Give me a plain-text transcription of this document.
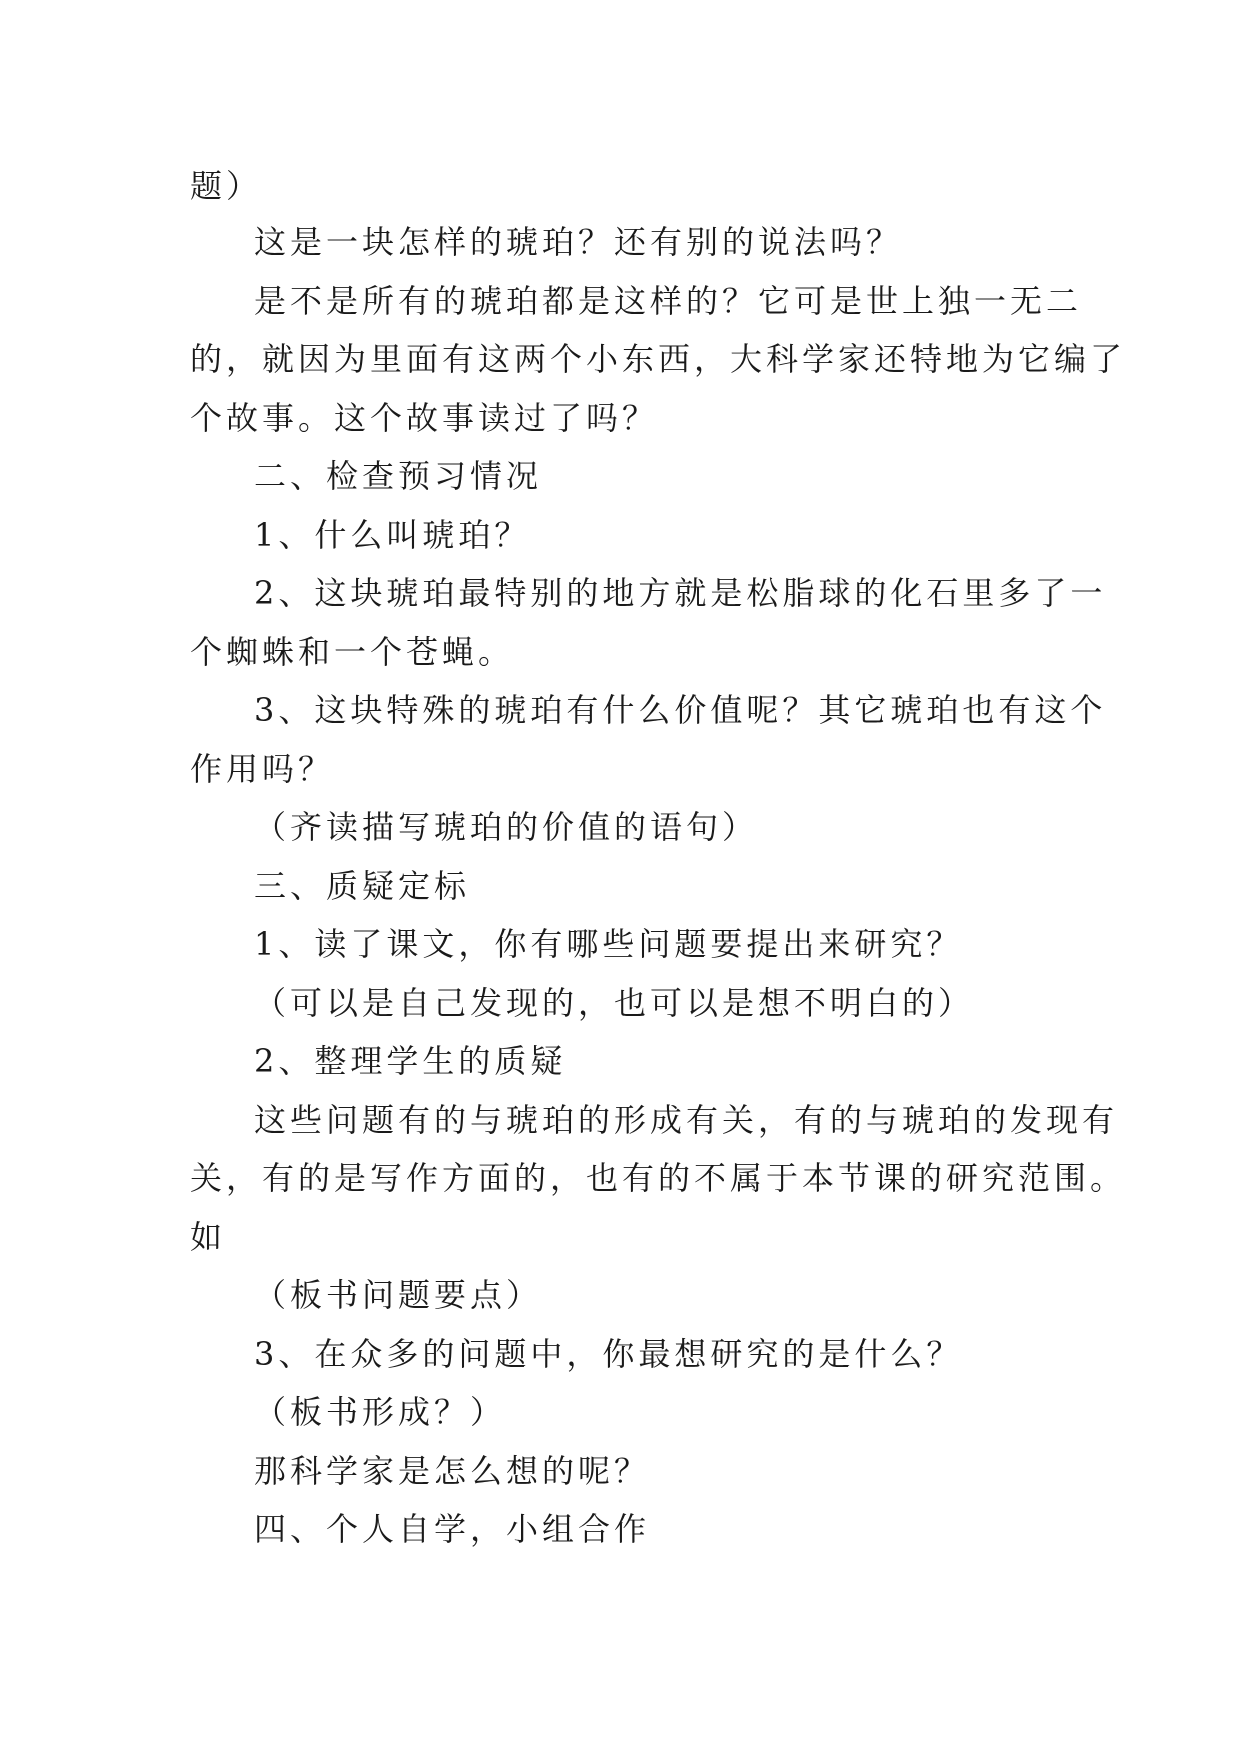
题）
这是一块怎样的琥珀？还有别的说法吗？
是不是所有的琥珀都是这样的？它可是世上独一无二
的，就因为里面有这两个小东西，大科学家还特地为它编了
个故事。这个故事读过了吗？
二、检查预习情况
1、什么叫琥珀？
2、这块琥珀最特别的地方就是松脂球的化石里多了一
个蜘蛛和一个苍蝇。
3、这块特殊的琥珀有什么价值呢？其它琥珀也有这个
作用吗？
（齐读描写琥珀的价值的语句）
三、质疑定标
1、读了课文，你有哪些问题要提出来研究？
（可以是自己发现的，也可以是想不明白的）
2、整理学生的质疑
这些问题有的与琥珀的形成有关，有的与琥珀的发现有
关，有的是写作方面的，也有的不属于本节课的研究范围。
如
（板书问题要点）
3、在众多的问题中，你最想研究的是什么？
（板书形成？）
那科学家是怎么想的呢？
四、个人自学，小组合作
